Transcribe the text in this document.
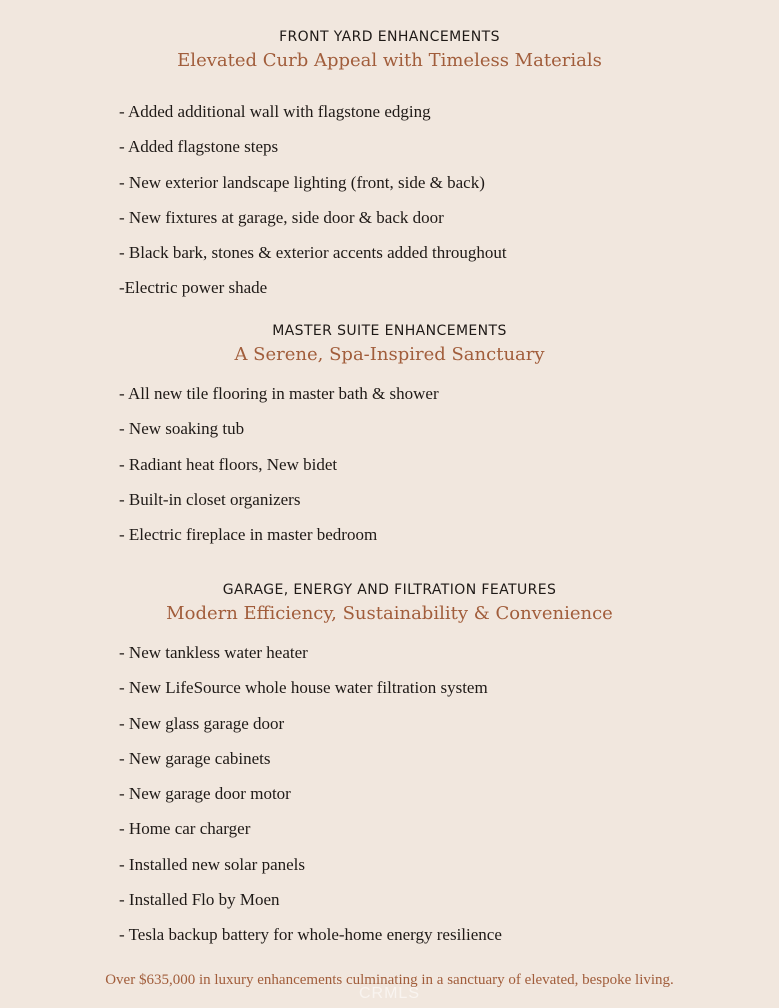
FRONT YARD ENHANCEMENTS

Elevated Curb Appeal with Timeless Materials

- Added additional wall with flagstone edging
- Added flagstone steps
- New exterior landscape lighting (front, side & back)
- New fixtures at garage, side door & back door
- Black bark, stones & exterior accents added throughout
-Electric power shade

MASTER SUITE ENHANCEMENTS

A Serene, Spa-Inspired Sanctuary

- All new tile flooring in master bath & shower
- New soaking tub
- Radiant heat floors, New bidet
- Built-in closet organizers
- Electric fireplace in master bedroom

GARAGE, ENERGY AND FILTRATION FEATURES

Modern Efficiency, Sustainability & Convenience

- New tankless water heater
- New LifeSource whole house water filtration system
- New glass garage door
- New garage cabinets
- New garage door motor
- Home car charger
- Installed new solar panels
- Installed Flo by Moen
- Tesla backup battery for whole-home energy resilience
Over $635,000 in luxury enhancements culminating in a sanctuary of elevated, bespoke living.
CRMLS
